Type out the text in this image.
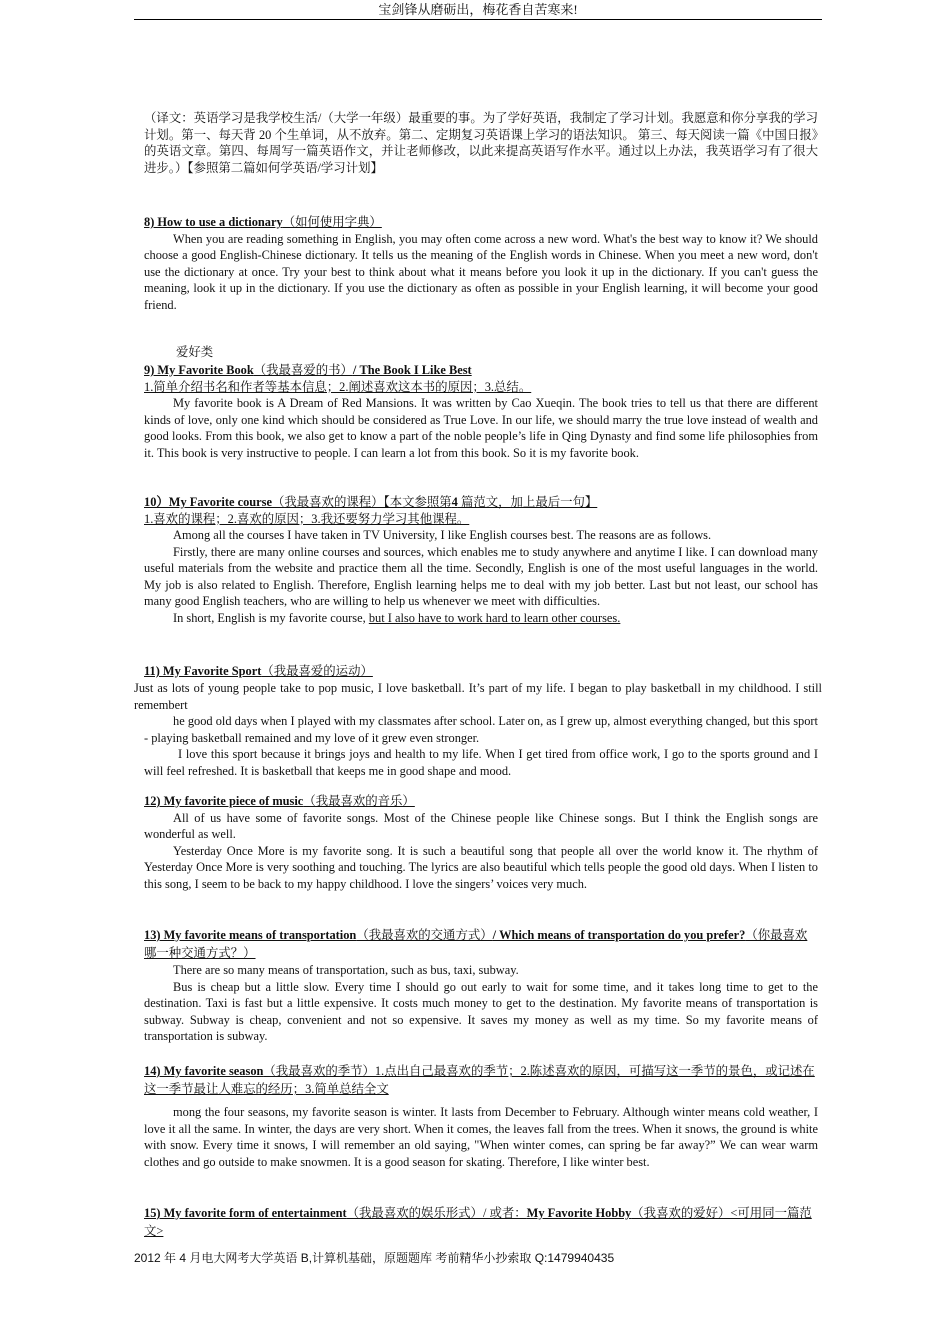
宝剑锋从磨砺出，梅花香自苦寒来!

（译文：英语学习是我学校生活/（大学一年级）最重要的事。为了学好英语，我制定了学习计划。我愿意和你分享我的学习计划。第一、每天背 20 个生单词，从不放弃。第二、定期复习英语课上学习的语法知识。 第三、每天阅读一篇《中国日报》的英语文章。第四、每周写一篇英语作文，并让老师修改，以此来提高英语写作水平。通过以上办法，我英语学习有了很大进步。）【参照第二篇如何学英语/学习计划】

8) How to use a dictionary（如何使用字典）

When you are reading something in English, you may often come across a new word. What's the best way to know it? We should choose a good English-Chinese dictionary. It tells us the meaning of the English words in Chinese. When you meet a new word, don't use the dictionary at once. Try your best to think about what it means before you look it up in the dictionary. If you can't guess the meaning, look it up in the dictionary. If you use the dictionary as often as possible in your English learning, it will become your good friend.

爱好类

9) My Favorite Book（我最喜爱的书）/ The Book I Like Best

1.简单介绍书名和作者等基本信息；2.阐述喜欢这本书的原因；3.总结。

My favorite book is A Dream of Red Mansions. It was written by Cao Xueqin. The book tries to tell us that there are different kinds of love, only one kind which should be considered as True Love. In our life, we should marry the true love instead of wealth and good looks. From this book, we also get to know a part of the noble people’s life in Qing Dynasty and find some life philosophies from it. This book is very instructive to people. I can learn a lot from this book. So it is my favorite book.

10）My Favorite course（我最喜欢的课程）【本文参照第4 篇范文，加上最后一句】

1.喜欢的课程；2.喜欢的原因；3.我还要努力学习其他课程。

Among all the courses I have taken in TV University, I like English courses best. The reasons are as follows.

Firstly, there are many online courses and sources, which enables me to study anywhere and anytime I like. I can download many useful materials from the website and practice them all the time. Secondly, English is one of the most useful languages in the world. My job is also related to English. Therefore, English learning helps me to deal with my job better. Last but not least, our school has many good English teachers, who are willing to help us whenever we meet with difficulties.

In short, English is my favorite course, but I also have to work hard to learn other courses.

11) My Favorite Sport（我最喜爱的运动）

Just as lots of young people take to pop music, I love basketball. It’s part of my life. I began to play basketball in my childhood. I still remembert

he good old days when I played with my classmates after school. Later on, as I grew up, almost everything changed, but this sport - playing basketball remained and my love of it grew even stronger.

I love this sport because it brings joys and health to my life. When I get tired from office work, I go to the sports ground and I will feel refreshed. It is basketball that keeps me in good shape and mood.

12) My favorite piece of music（我最喜欢的音乐）

All of us have some of favorite songs. Most of the Chinese people like Chinese songs. But I think the English songs are wonderful as well.

Yesterday Once More is my favorite song. It is such a beautiful song that people all over the world know it. The rhythm of Yesterday Once More is very soothing and touching. The lyrics are also beautiful which tells people the good old days. When I listen to this song, I seem to be back to my happy childhood. I love the singers’ voices very much.

13) My favorite means of transportation（我最喜欢的交通方式）/ Which means of transportation do you prefer?（你最喜欢哪一种交通方式？）

There are so many means of transportation, such as bus, taxi, subway.

Bus is cheap but a little slow. Every time I should go out early to wait for some time, and it takes long time to get to the destination. Taxi is fast but a little expensive. It costs much money to get to the destination. My favorite means of transportation is subway. Subway is cheap, convenient and not so expensive. It saves my money as well as my time. So my favorite means of transportation is subway.

14) My favorite season（我最喜欢的季节）1.点出自己最喜欢的季节；2.陈述喜欢的原因，可描写这一季节的景色，或记述在这一季节最让人难忘的经历；3.简单总结全文

mong the four seasons, my favorite season is winter. It lasts from December to February. Although winter means cold weather, I love it all the same. In winter, the days are very short. When it comes, the leaves fall from the trees. When it snows, the ground is white with snow. Every time it snows, I will remember an old saying, "When winter comes, can spring be far away?” We can wear warm clothes and go outside to make snowmen. It is a good season for skating. Therefore, I like winter best.

15) My favorite form of entertainment（我最喜欢的娱乐形式）/ 或者：My Favorite Hobby（我喜欢的爱好）<可用同一篇范文>

2012 年 4 月电大网考大学英语 B,计算机基础，原题题库 考前精华小抄索取 Q:1479940435
